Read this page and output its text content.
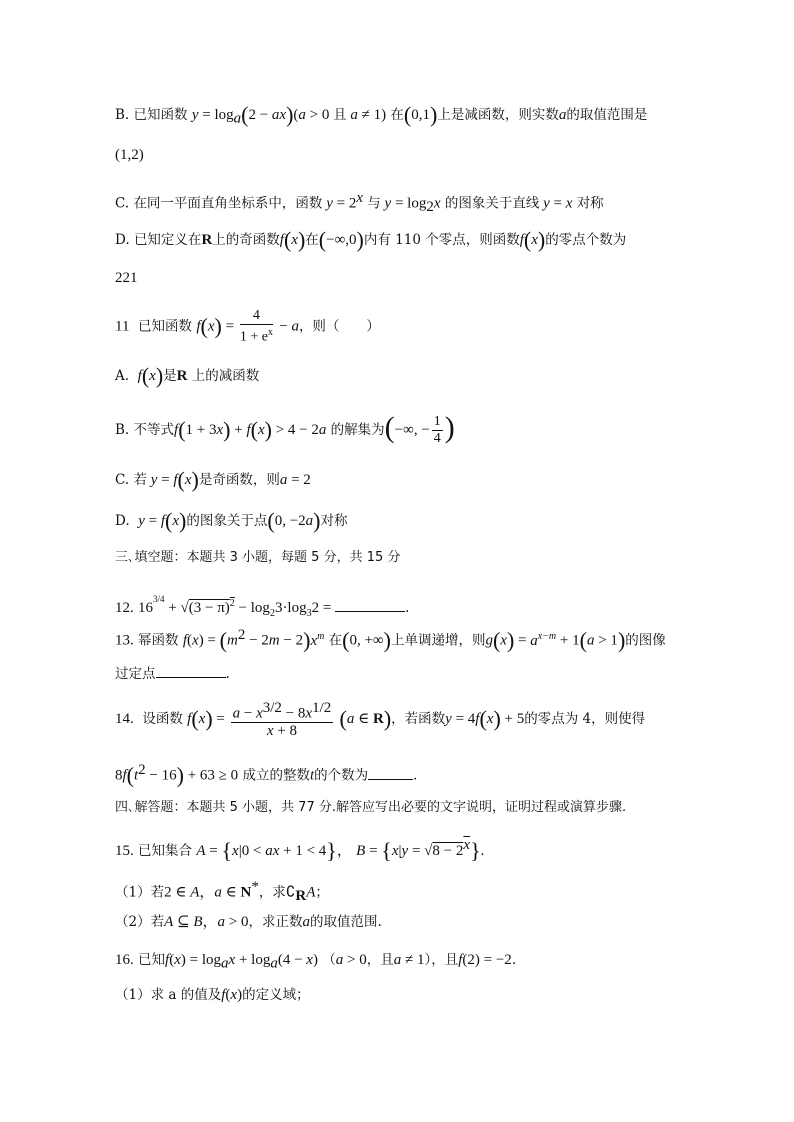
B. 已知函数 $y = \log_a(2 - ax)(a > 0$ 且 a ≠ 1) 在(0,1)上是减函数，则实数a的取值范围是
(1,2)
C. 在同一平面直角坐标系中，函数 $y = 2^x$ 与 $y = \log_2x$ 的图象关于直线 y = x 对称
D. 已知定义在R上的奇函数f(x)在(−∞,0)内有 110 个零点，则函数f(x)的零点个数为
221
11 已知函数 $f(x) = \frac{4}{1 + e^x} - a$，则（　　）
A. f(x)是R 上的减函数
B. 不等式f(1 + 3x) + f(x) > 4 − 2a 的解集为(−∞, − $\frac{1}{4}$ )
C. 若 y = f(x)是奇函数，则a = 2
D. y = f(x)的图象关于点(0, −2a)对称
三､填空题：本题共 3 小题，每题 5 分，共 15 分
12. $16^{3/4} + √(3 - \pi)^2 - \log_23\cdot\log_32$ =	.
13. 幂函数 $f(x) = (m^2 - 2m - 2)x^m$ 在(0, +∞)上单调递增，则$g(x) = a^{x-m} + 1(a > 1)$的图像
过定点	.
14. 设函数 $f(x) = \frac{a - x^{3/2} - 8x^{1/2}}{x + 8} (a$ ∈ R)，若函数y = 4f(x) + 5的零点为 4，则使得
$8f(t^2 - 16) + 63 \ge 0$ 成立的整数t的个数为	.
四､解答题：本题共 5 小题，共 77 分.解答应写出必要的文字说明，证明过程或演算步骤.
15. 已知集合 A = {x|0 < ax + 1 < 4}， $B = \{x|y = √8 - 2^x\}$.
（1）若2 ∈ A，a ∈ N*，求$∁_RA$；
（2）若A ⊆ B，a > 0，求正数a的取值范围.
16. 已知$f(x) = \log_ax + \log_a(4 - x) (a > 0$，且a ≠ 1），且f(2) = −2.
（1）求 a 的值及f(x)的定义域；
